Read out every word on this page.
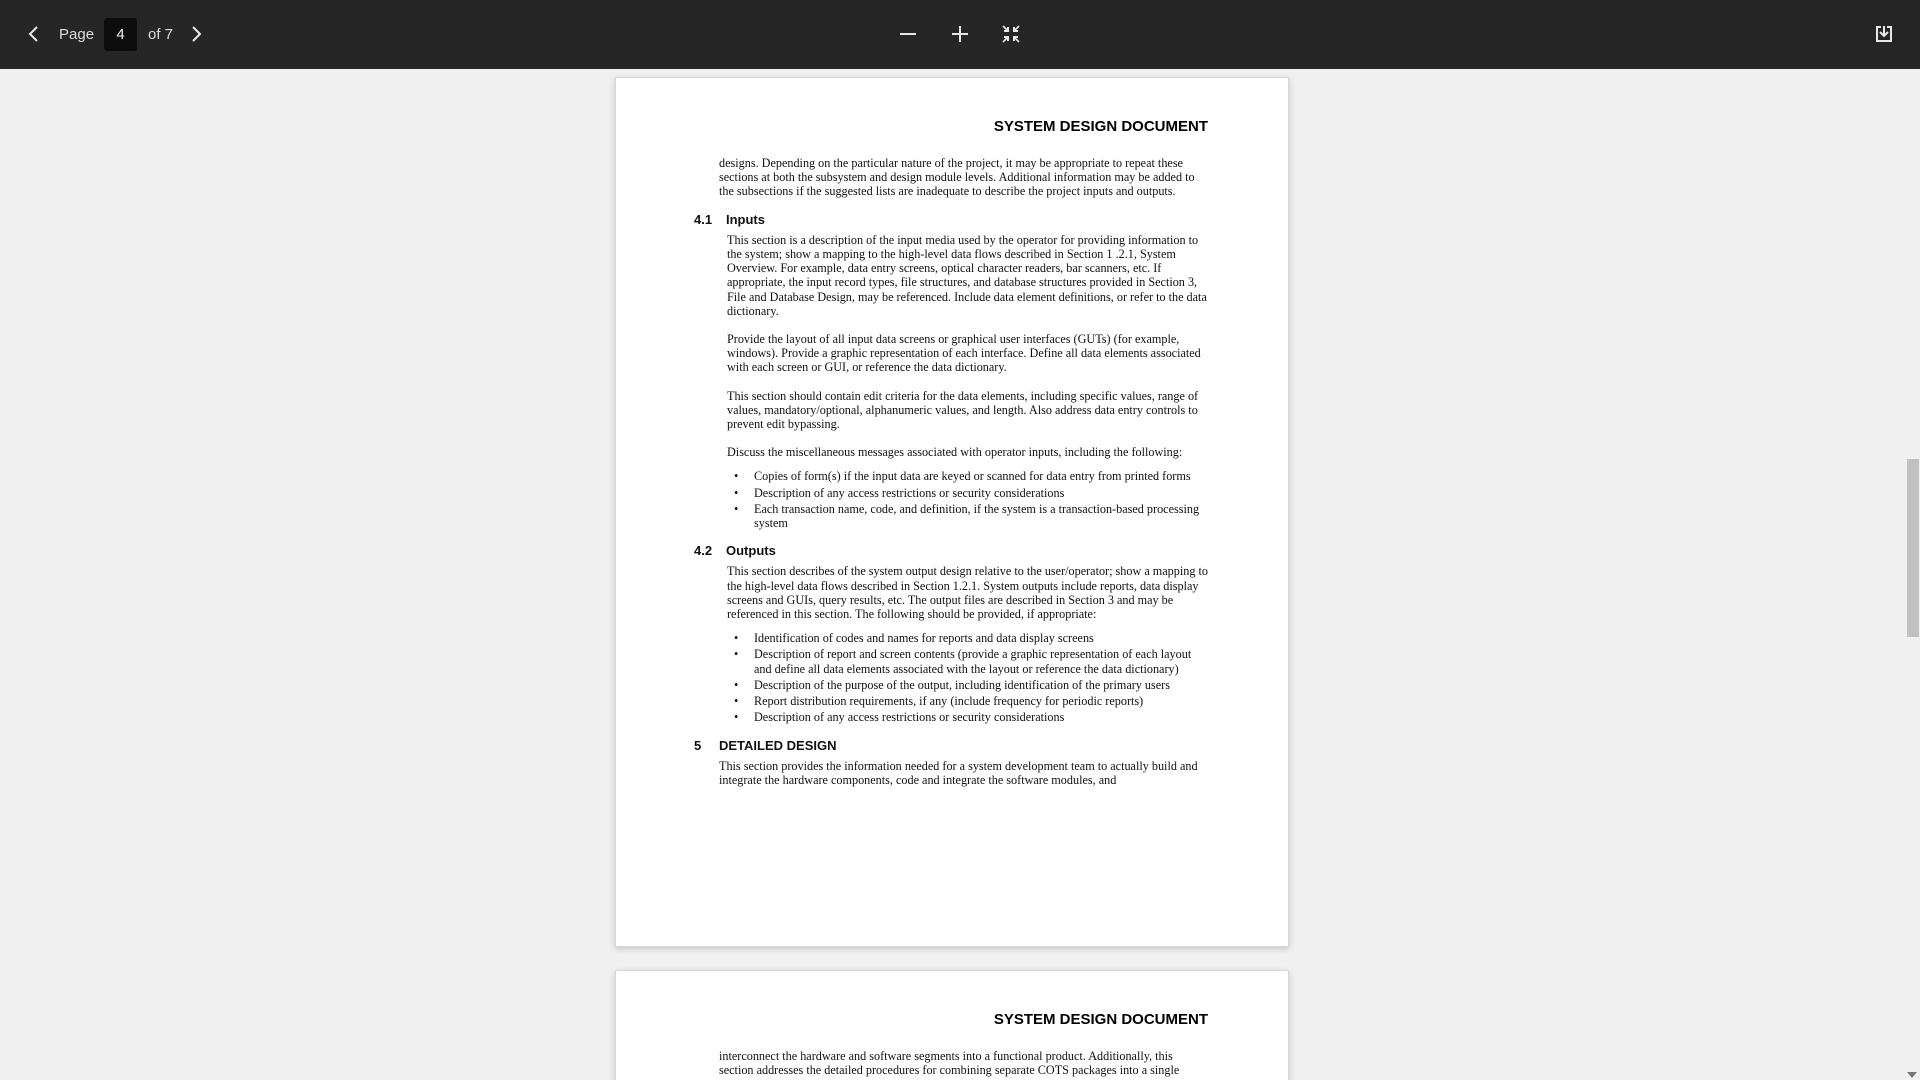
Page
4	of 7
SYSTEM DESIGN DOCUMENT

designs. Depending on the particular nature of the project, it may be appropriate to repeat these sections at both the subsystem and design module levels. Additional information may be added to the subsections if the suggested lists are inadequate to describe the project inputs and outputs.

4.1	Inputs

This section is a description of the input media used by the operator for providing information to the system; show a mapping to the high-level data flows described in Section 1 .2.1, System Overview. For example, data entry screens, optical character readers, bar scanners, etc. If appropriate, the input record types, file structures, and database structures provided in Section 3, File and Database Design, may be referenced. Include data element definitions, or refer to the data dictionary.

Provide the layout of all input data screens or graphical user interfaces (GUTs) (for example, windows). Provide a graphic representation of each interface. Define all data elements associated with each screen or GUI, or reference the data dictionary.

This section should contain edit criteria for the data elements, including specific values, range of values, mandatory/optional, alphanumeric values, and length. Also address data entry controls to prevent edit bypassing.

Discuss the miscellaneous messages associated with operator inputs, including the following:

• Copies of form(s) if the input data are keyed or scanned for data entry from printed forms
• Description of any access restrictions or security considerations
• Each transaction name, code, and definition, if the system is a transaction-based processing system
4.2	Outputs

This section describes of the system output design relative to the user/operator; show a mapping to the high-level data flows described in Section 1.2.1. System outputs include reports, data display screens and GUIs, query results, etc. The output files are described in Section 3 and may be referenced in this section. The following should be provided, if appropriate:

• Identification of codes and names for reports and data display screens
• Description of report and screen contents (provide a graphic representation of each layout and define all data elements associated with the layout or reference the data dictionary)
• Description of the purpose of the output, including identification of the primary users
• Report distribution requirements, if any (include frequency for periodic reports)
• Description of any access restrictions or security considerations
5	DETAILED DESIGN

This section provides the information needed for a system development team to actually build and integrate the hardware components, code and integrate the software modules, and

SYSTEM DESIGN DOCUMENT

interconnect the hardware and software segments into a functional product. Additionally, this section addresses the detailed procedures for combining separate COTS packages into a single
